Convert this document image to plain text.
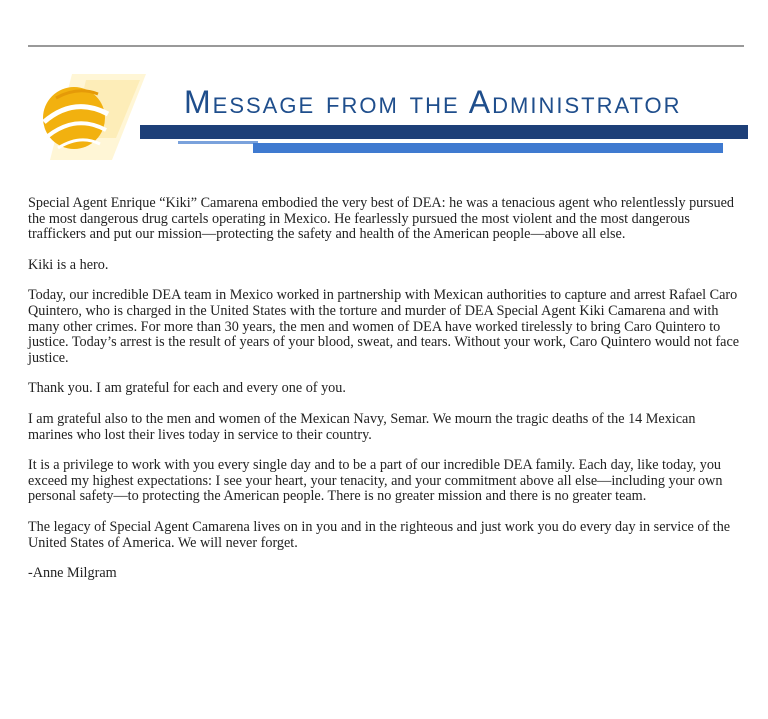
Message from the Administrator

Special Agent Enrique “Kiki” Camarena embodied the very best of DEA: he was a tenacious agent who relentlessly pursued the most dangerous drug cartels operating in Mexico. He fearlessly pursued the most violent and the most dangerous traffickers and put our mission—protecting the safety and health of the American people—above all else.

Kiki is a hero.

Today, our incredible DEA team in Mexico worked in partnership with Mexican authorities to capture and arrest Rafael Caro Quintero, who is charged in the United States with the torture and murder of DEA Special Agent Kiki Camarena and with many other crimes. For more than 30 years, the men and women of DEA have worked tirelessly to bring Caro Quintero to justice. Today’s arrest is the result of years of your blood, sweat, and tears. Without your work, Caro Quintero would not face justice.

Thank you. I am grateful for each and every one of you.

I am grateful also to the men and women of the Mexican Navy, Semar. We mourn the tragic deaths of the 14 Mexican marines who lost their lives today in service to their country.

It is a privilege to work with you every single day and to be a part of our incredible DEA family. Each day, like today, you exceed my highest expectations: I see your heart, your tenacity, and your commitment above all else—including your own personal safety—to protecting the American people. There is no greater mission and there is no greater team.

The legacy of Special Agent Camarena lives on in you and in the righteous and just work you do every day in service of the United States of America. We will never forget.

-Anne Milgram
